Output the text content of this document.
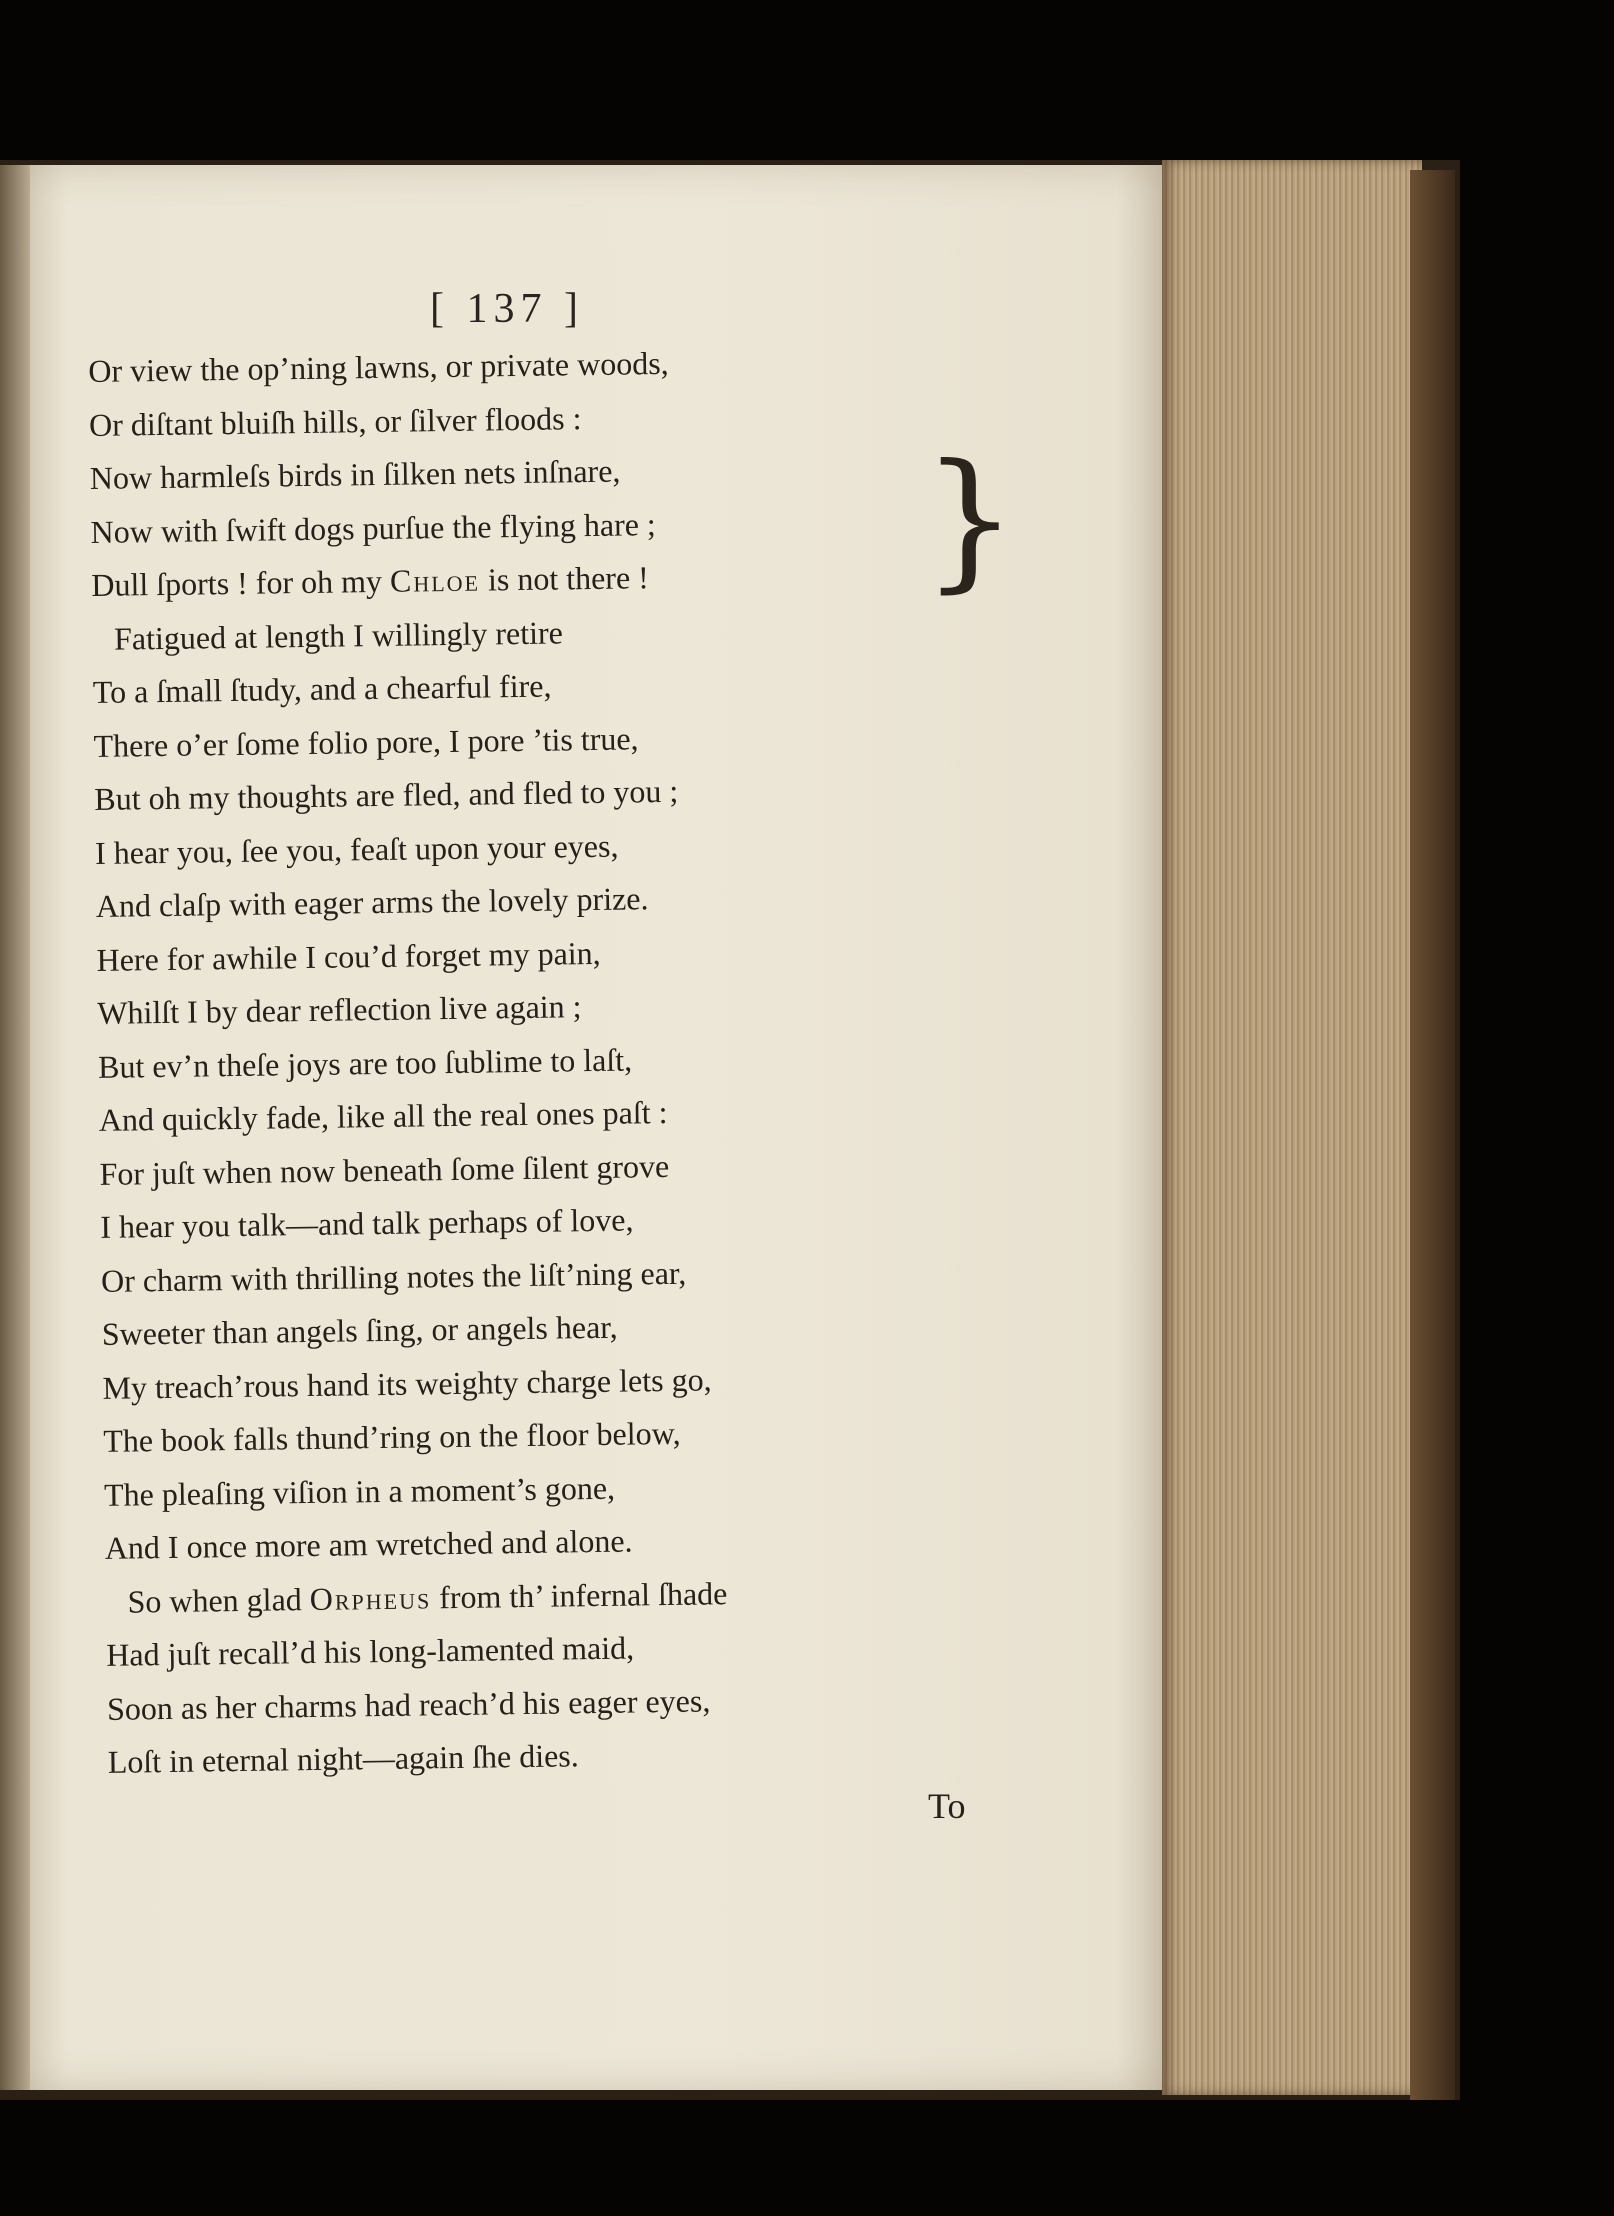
[ 137 ]
}
Or view the op’ning lawns, or private woods,
Or diſtant bluiſh hills, or ſilver floods :
Now harmleſs birds in ſilken nets inſnare,
Now with ſwift dogs purſue the flying hare ;
Dull ſports ! for oh my Chloe is not there !
Fatigued at length I willingly retire
To a ſmall ſtudy, and a chearful fire,
There o’er ſome folio pore, I pore ’tis true,
But oh my thoughts are fled, and fled to you ;
I hear you, ſee you, feaſt upon your eyes,
And claſp with eager arms the lovely prize.
Here for awhile I cou’d forget my pain,
Whilſt I by dear reflection live again ;
But ev’n theſe joys are too ſublime to laſt,
And quickly fade, like all the real ones paſt :
For juſt when now beneath ſome ſilent grove
I hear you talk—and talk perhaps of love,
Or charm with thrilling notes the liſt’ning ear,
Sweeter than angels ſing, or angels hear,
My treach’rous hand its weighty charge lets go,
The book falls thund’ring on the floor below,
The pleaſing viſion in a moment’s gone,
And I once more am wretched and alone.
So when glad Orpheus from th’ infernal ſhade
Had juſt recall’d his long-lamented maid,
Soon as her charms had reach’d his eager eyes,
Loſt in eternal night—again ſhe dies.
To
